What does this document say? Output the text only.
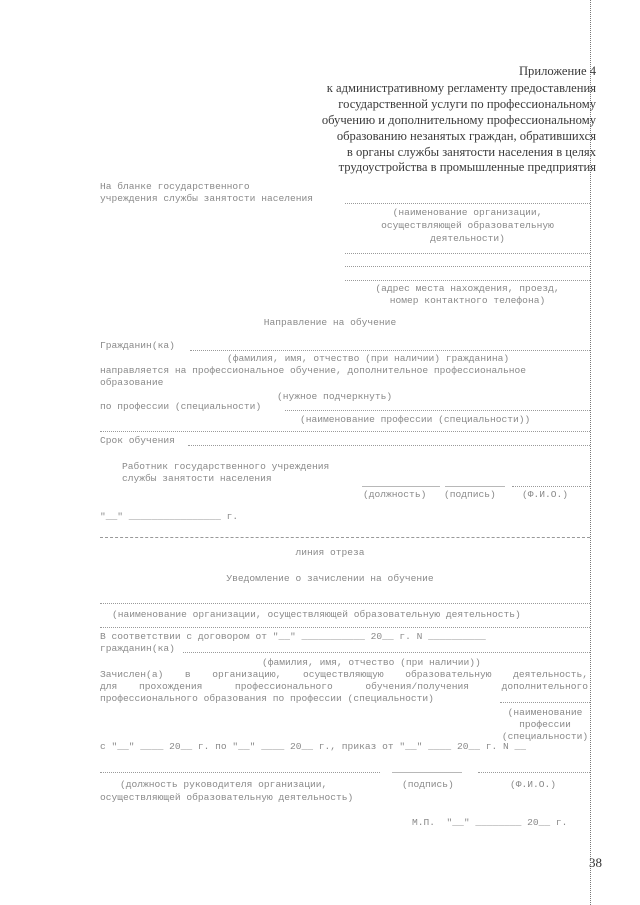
Приложение 4
к административному регламенту предоставления
государственной услуги по профессиональному
обучению и дополнительному профессиональному
образованию незанятых граждан, обратившихся
в органы службы занятости населения в целях
трудоустройства в промышленные предприятия
На бланке государственного
учреждения службы занятости населения
(наименование организации,
осуществляющей образовательную
деятельности)
(адрес места нахождения, проезд,
номер контактного телефона)
Направление на обучение
Гражданин(ка)
(фамилия, имя, отчество (при наличии) гражданина)
направляется на профессиональное обучение, дополнительное профессиональное
образование
(нужное подчеркнуть)
по профессии (специальности)
(наименование профессии (специальности))
Срок обучения
Работник государственного учреждения
службы занятости населения
(должность) (подпись)	(Ф.И.О.)
"__" ________________ г.
линия отреза
Уведомление о зачислении на обучение
(наименование организации, осуществляющей образовательную деятельность)
В соответствии с договором от "__" ___________ 20__ г. N __________
гражданин(ка)
(фамилия, имя, отчество (при наличии))
Зачислен(а)  в  организацию,  осуществляющую  образовательную  деятельность,
для  прохождения   профессионального   обучения/получения   дополнительного
профессионального образования по профессии (специальности)
(наименование
профессии
(специальности)
с "__" ____ 20__ г. по "__" ____ 20__ г., приказ от "__" ____ 20__ г. N __
(должность руководителя организации,
осуществляющей образовательную деятельность)
(подпись)	(Ф.И.О.)
М.П.  "__" ________ 20__ г.
38
